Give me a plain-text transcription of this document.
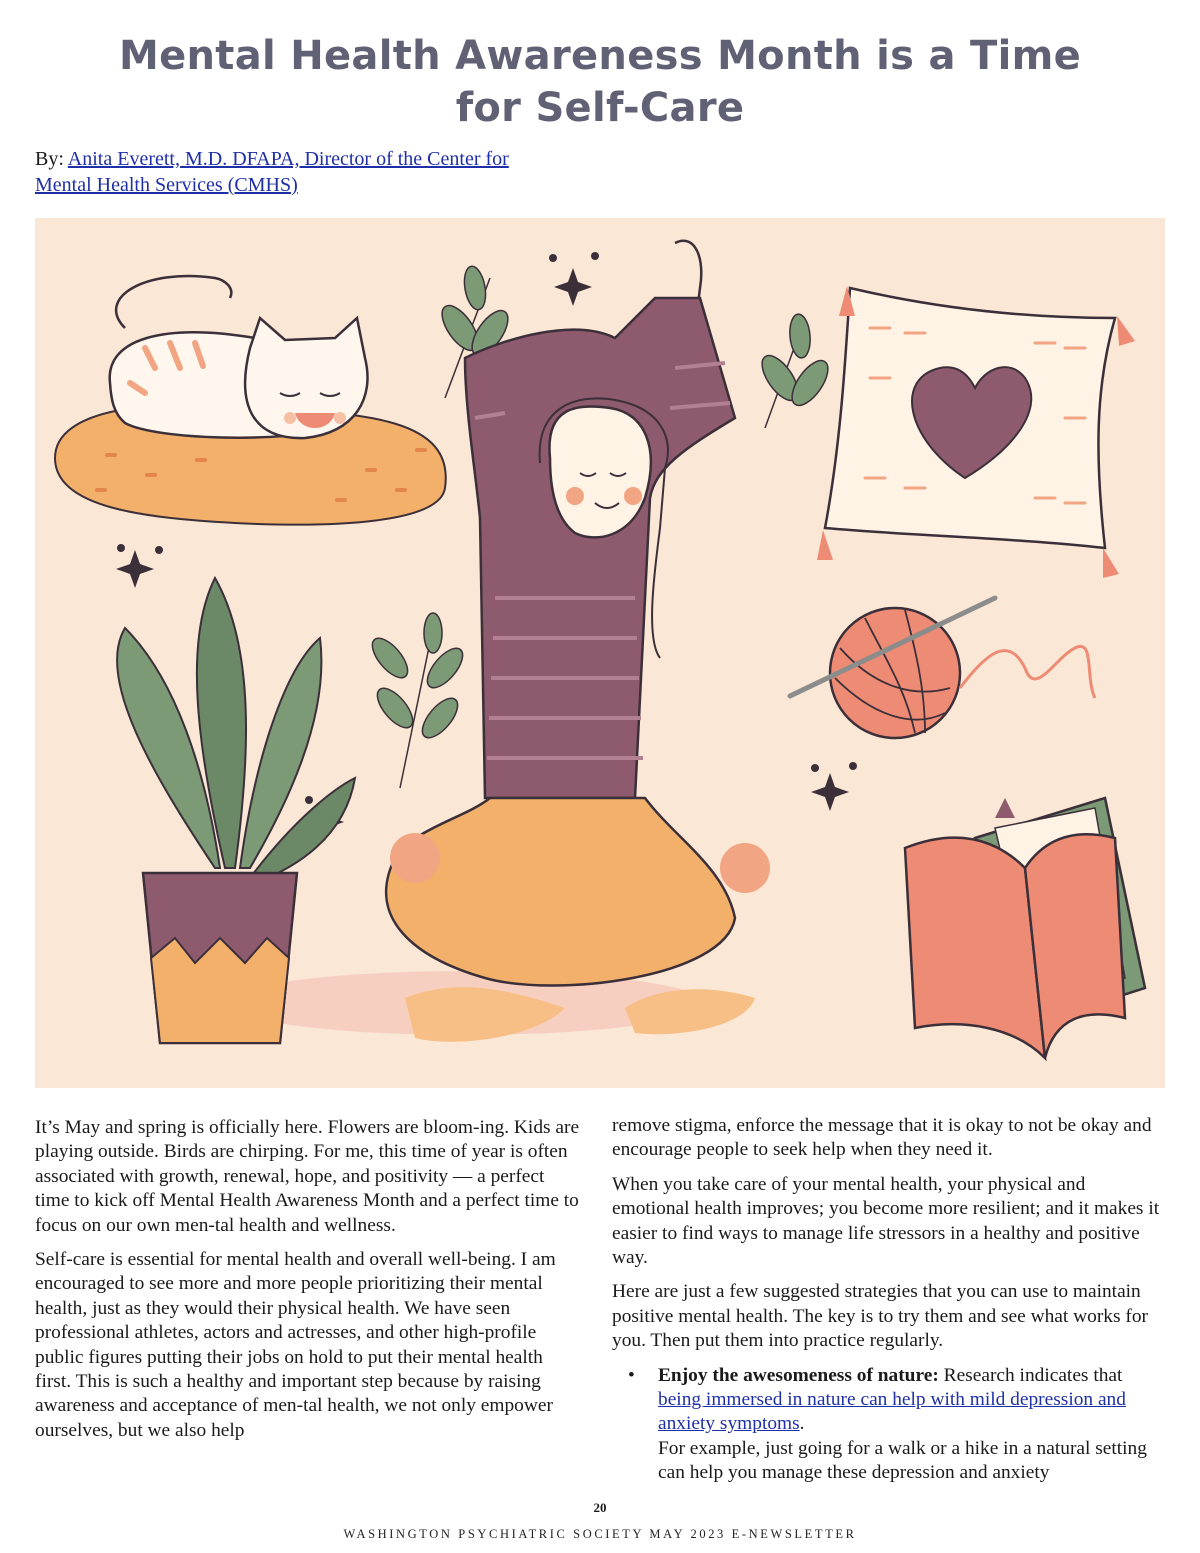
Mental Health Awareness Month is a Time
for Self-Care
By: Anita Everett, M.D. DFAPA, Director of the Center for
Mental Health Services (CMHS)

It’s May and spring is officially here. Flowers are bloom-ing. Kids are playing outside. Birds are chirping. For me, this time of year is often associated with growth, renewal, hope, and positivity — a perfect time to kick off Mental Health Awareness Month and a perfect time to focus on our own men-tal health and wellness.

Self-care is essential for mental health and overall well-being. I am encouraged to see more and more people prioritizing their mental health, just as they would their physical health. We have seen professional athletes, actors and actresses, and other high-profile public figures putting their jobs on hold to put their mental health first. This is such a healthy and important step because by raising awareness and acceptance of men-tal health, we not only empower ourselves, but we also help

remove stigma, enforce the message that it is okay to not be okay and encourage people to seek help when they need it.

When you take care of your mental health, your physical and emotional health improves; you become more resilient; and it makes it easier to find ways to manage life stressors in a healthy and positive way.

Here are just a few suggested strategies that you can use to maintain positive mental health. The key is to try them and see what works for you. Then put them into practice regularly.

• Enjoy the awesomeness of nature: Research indicates that being immersed in nature can help with mild depression and anxiety symptoms.
For example, just going for a walk or a hike in a natural setting can help you manage these depression and anxiety
20
WASHINGTON PSYCHIATRIC SOCIETY MAY 2023 E-NEWSLETTER
